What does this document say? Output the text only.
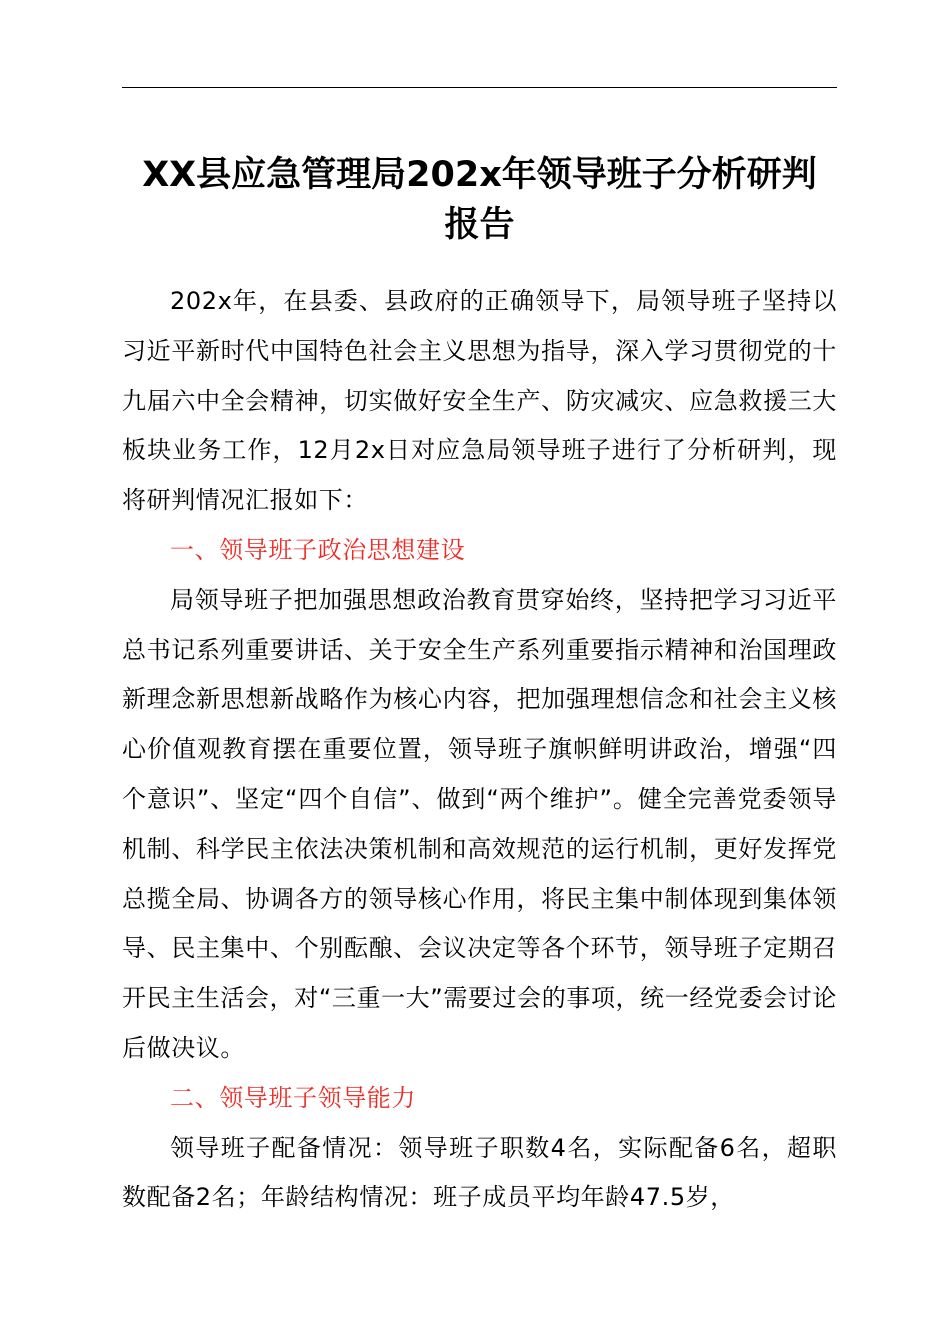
XX县应急管理局202x年领导班子分析研判
报告

202x年，在县委、县政府的正确领导下，局领导班子坚持以习近平新时代中国特色社会主义思想为指导，深入学习贯彻党的十九届六中全会精神，切实做好安全生产、防灾减灾、应急救援三大板块业务工作，12月2x日对应急局领导班子进行了分析研判，现将研判情况汇报如下：

一、领导班子政治思想建设

局领导班子把加强思想政治教育贯穿始终，坚持把学习习近平总书记系列重要讲话、关于安全生产系列重要指示精神和治国理政新理念新思想新战略作为核心内容，把加强理想信念和社会主义核心价值观教育摆在重要位置，领导班子旗帜鲜明讲政治，增强“四个意识”、坚定“四个自信”、做到“两个维护”。健全完善党委领导机制、科学民主依法决策机制和高效规范的运行机制，更好发挥党总揽全局、协调各方的领导核心作用，将民主集中制体现到集体领导、民主集中、个别酝酿、会议决定等各个环节，领导班子定期召开民主生活会，对“三重一大”需要过会的事项，统一经党委会讨论后做决议。

二、领导班子领导能力

领导班子配备情况：领导班子职数4名，实际配备6名，超职数配备2名；年龄结构情况：班子成员平均年龄47.5岁，
